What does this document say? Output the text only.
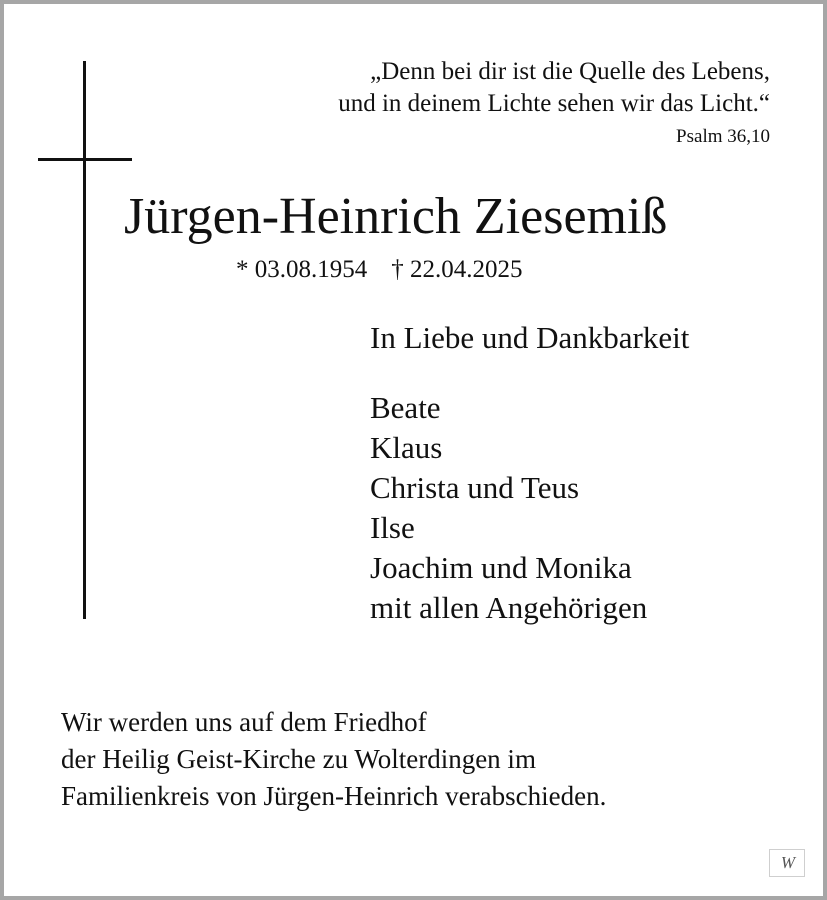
„Denn bei dir ist die Quelle des Lebens,
und in deinem Lichte sehen wir das Licht.“
Psalm 36,10
Jürgen-Heinrich Ziesemiß
* 03.08.1954 † 22.04.2025
In Liebe und Dankbarkeit
Beate
Klaus
Christa und Teus
Ilse
Joachim und Monika
mit allen Angehörigen
Wir werden uns auf dem Friedhof
der Heilig Geist-Kirche zu Wolterdingen im
Familienkreis von Jürgen-Heinrich verabschieden.
W
